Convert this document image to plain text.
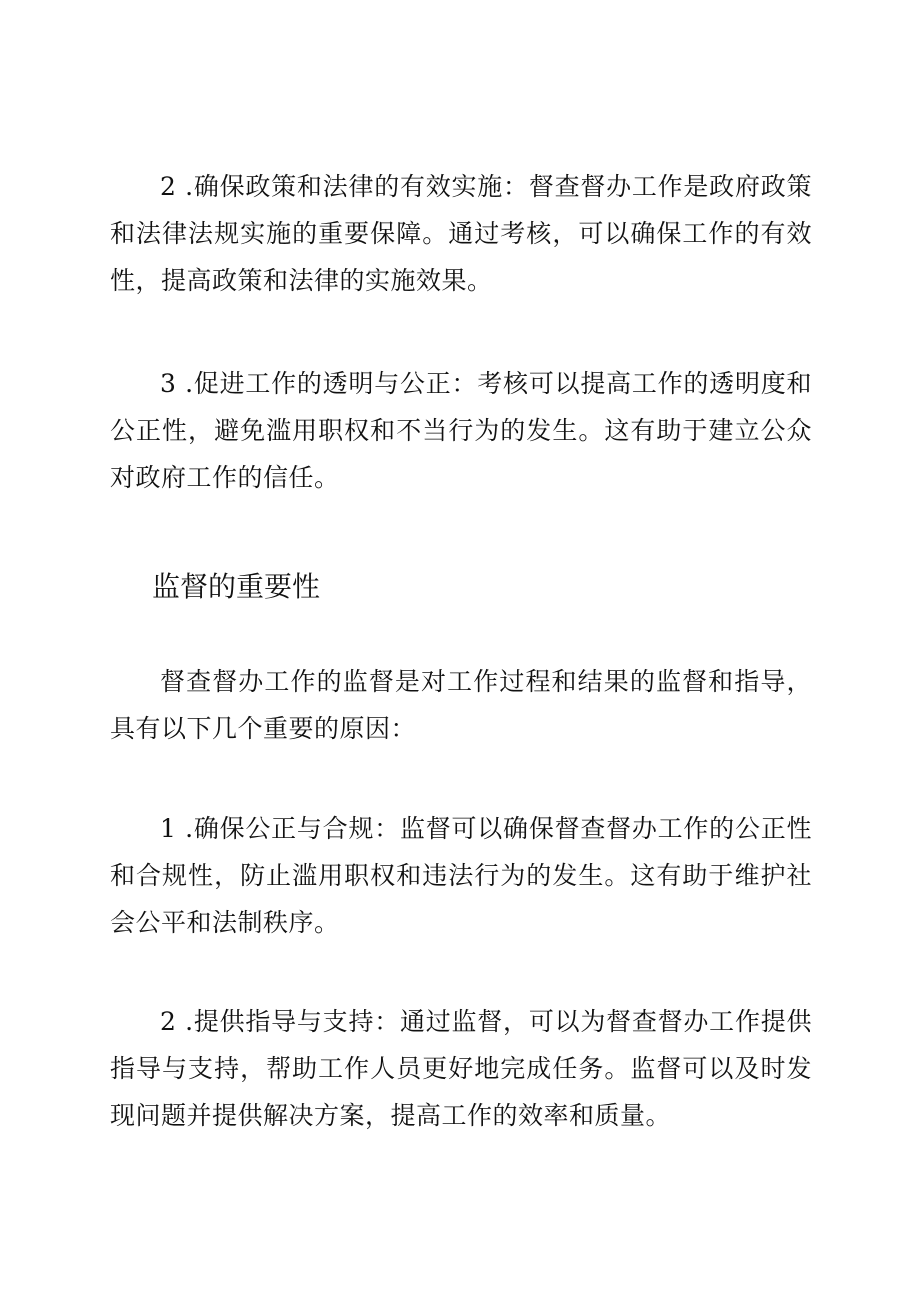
2 .确保政策和法律的有效实施：督查督办工作是政府政策和法律法规实施的重要保障。通过考核，可以确保工作的有效性，提高政策和法律的实施效果。

3 .促进工作的透明与公正：考核可以提高工作的透明度和公正性，避免滥用职权和不当行为的发生。这有助于建立公众对政府工作的信任。

监督的重要性

督查督办工作的监督是对工作过程和结果的监督和指导，具有以下几个重要的原因：

1 .确保公正与合规：监督可以确保督查督办工作的公正性和合规性，防止滥用职权和违法行为的发生。这有助于维护社会公平和法制秩序。

2 .提供指导与支持：通过监督，可以为督查督办工作提供指导与支持，帮助工作人员更好地完成任务。监督可以及时发现问题并提供解决方案，提高工作的效率和质量。
